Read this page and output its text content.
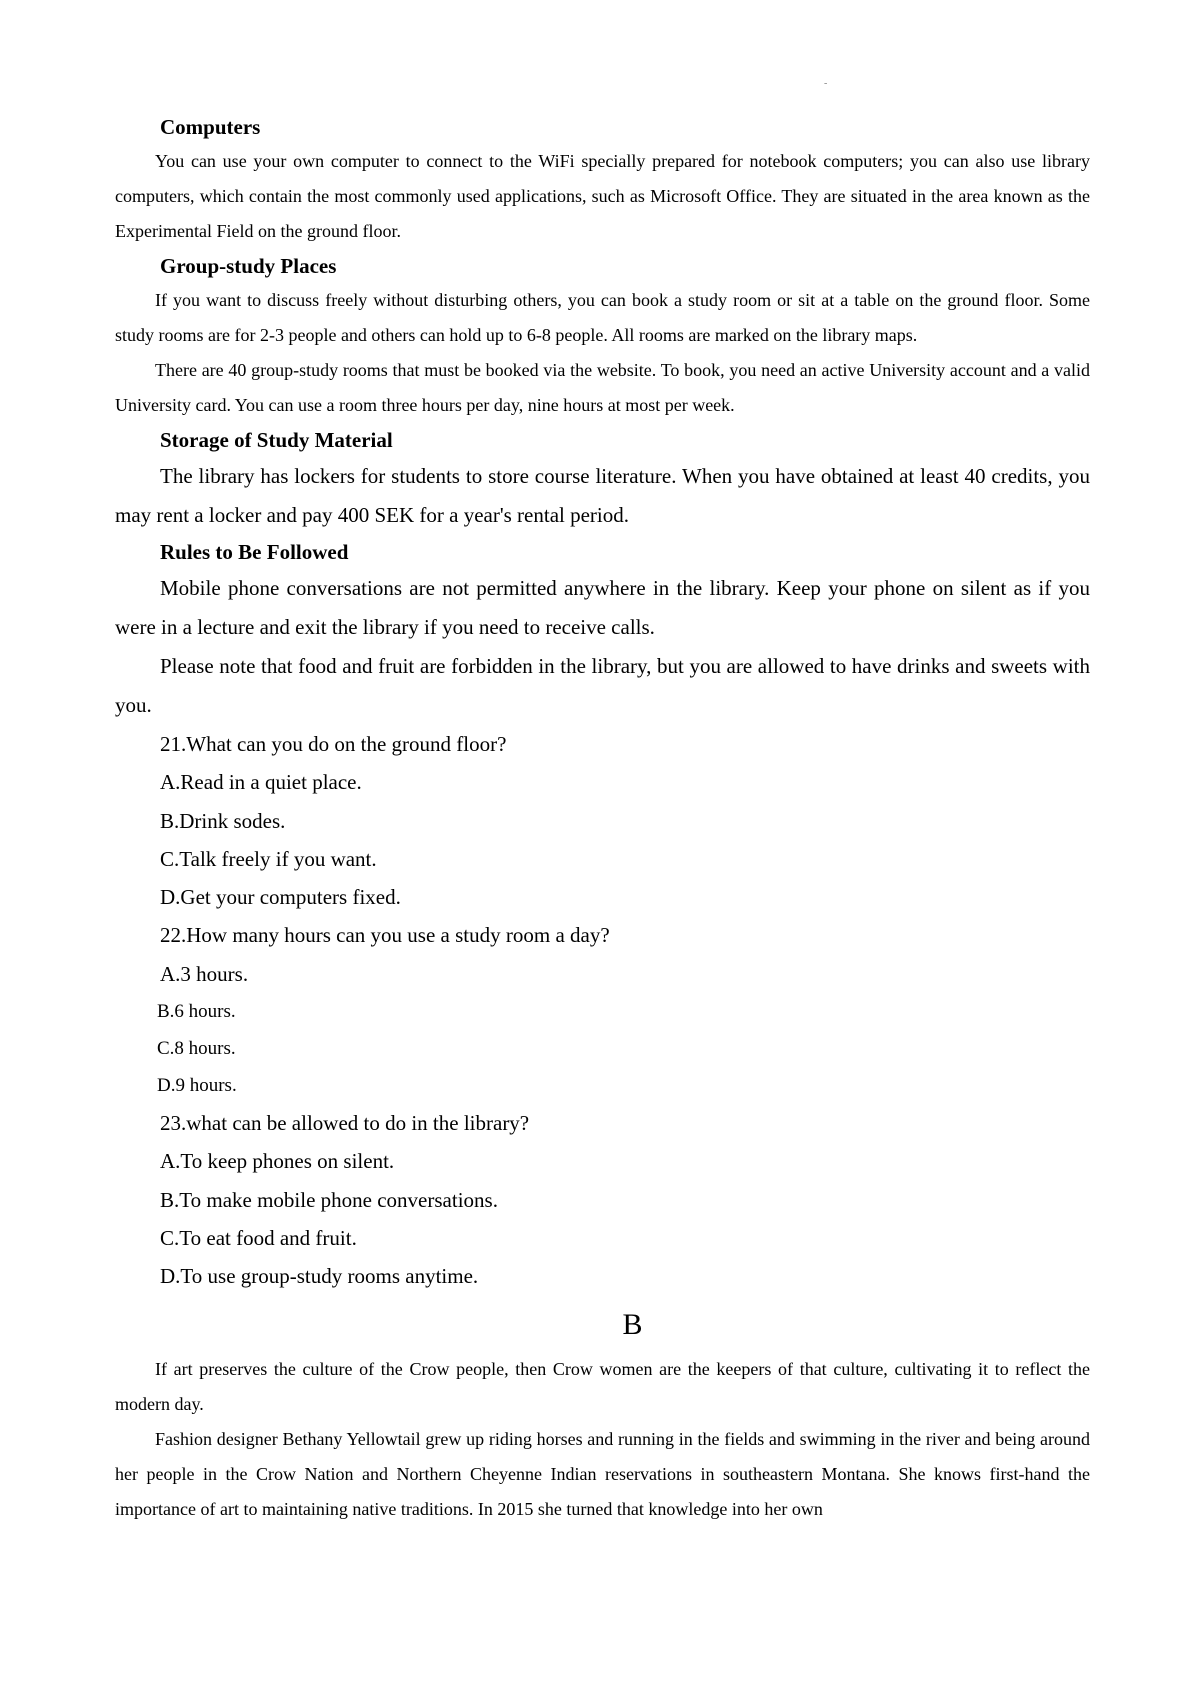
-

Computers

You can use your own computer to connect to the WiFi specially prepared for notebook computers; you can also use library computers, which contain the most commonly used applications, such as Microsoft Office. They are situated in the area known as the Experimental Field on the ground floor.

Group-study Places

If you want to discuss freely without disturbing others, you can book a study room or sit at a table on the ground floor. Some study rooms are for 2-3 people and others can hold up to 6-8 people. All rooms are marked on the library maps.

There are 40 group-study rooms that must be booked via the website. To book, you need an active University account and a valid University card. You can use a room three hours per day, nine hours at most per week.

Storage of Study Material

The library has lockers for students to store course literature. When you have obtained at least 40 credits, you may rent a locker and pay 400 SEK for a year's rental period.

Rules to Be Followed

Mobile phone conversations are not permitted anywhere in the library. Keep your phone on silent as if you were in a lecture and exit the library if you need to receive calls.

Please note that food and fruit are forbidden in the library, but you are allowed to have drinks and sweets with you.

21.What can you do on the ground floor?

A.Read in a quiet place.

B.Drink sodes.

C.Talk freely if you want.

D.Get your computers fixed.

22.How many hours can you use a study room a day?

A.3 hours.

B.6 hours.

C.8 hours.

D.9 hours.

23.what can be allowed to do in the library?

A.To keep phones on silent.

B.To make mobile phone conversations.

C.To eat food and fruit.

D.To use group-study rooms anytime.

B

If art preserves the culture of the Crow people, then Crow women are the keepers of that culture, cultivating it to reflect the modern day.

Fashion designer Bethany Yellowtail grew up riding horses and running in the fields and swimming in the river and being around her people in the Crow Nation and Northern Cheyenne Indian reservations in southeastern Montana. She knows first-hand the importance of art to maintaining native traditions. In 2015 she turned that knowledge into her own
